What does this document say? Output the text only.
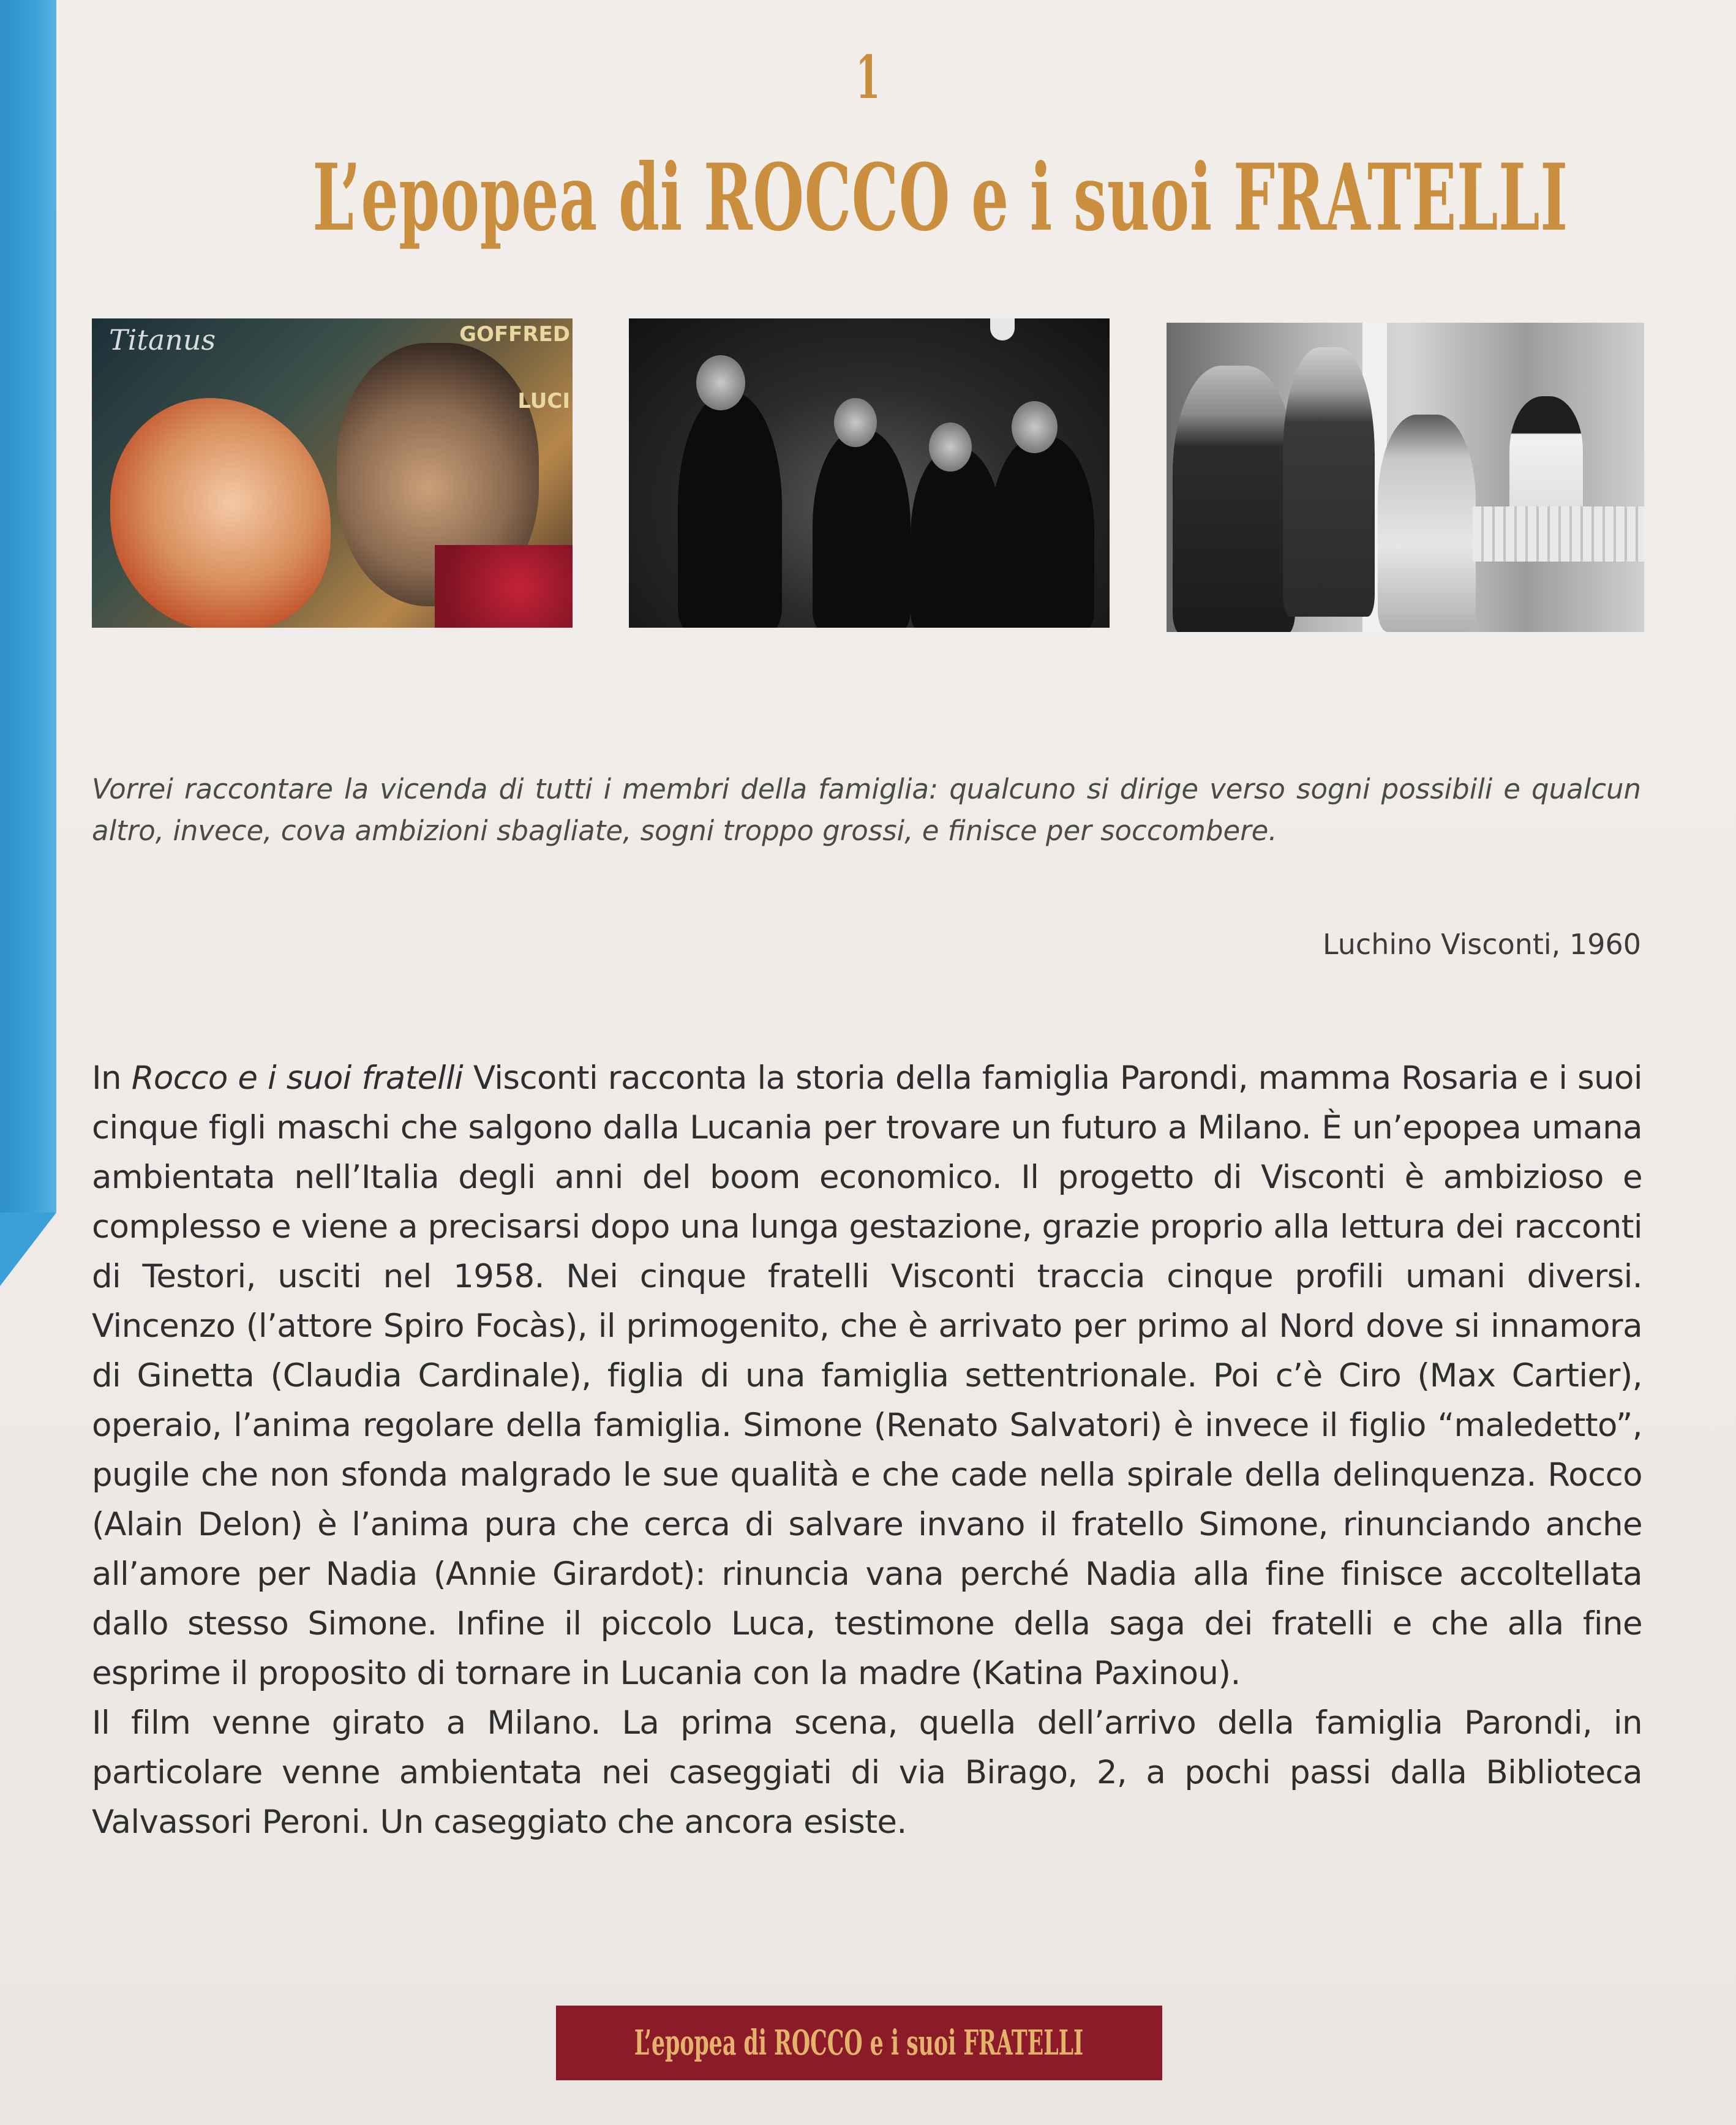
1
L’epopea di ROCCO e i suoi FRATELLI
Titanus	GOFFRED
LUCI
Vorrei raccontare la vicenda di tutti i membri della famiglia: qualcuno si dirige verso sogni possibili e qualcun altro, invece, cova ambizioni sbagliate, sogni troppo grossi, e finisce per soccombere.
Luchino Visconti, 1960

In Rocco e i suoi fratelli Visconti racconta la storia della famiglia Parondi, mamma Rosaria e i suoi cinque figli maschi che salgono dalla Lucania per trovare un futuro a Milano. È un’epopea umana ambientata nell’Italia degli anni del boom economico. Il progetto di Visconti è ambizioso e complesso e viene a precisarsi dopo una lunga gestazione, grazie proprio alla lettura dei racconti di Testori, usciti nel 1958. Nei cinque fratelli Visconti traccia cinque profili umani diversi. Vincenzo (l’attore Spiro Focàs), il primogenito, che è arrivato per primo al Nord dove si innamora di Ginetta (Claudia Cardinale), figlia di una famiglia settentrionale. Poi c’è Ciro (Max Cartier), operaio, l’anima regolare della famiglia. Simone (Renato Salvatori) è invece il figlio “maledetto”, pugile che non sfonda malgrado le sue qualità e che cade nella spirale della delinquenza. Rocco (Alain Delon) è l’anima pura che cerca di salvare invano il fratello Simone, rinunciando anche all’amore per Nadia (Annie Girardot): rinuncia vana perché Nadia alla fine finisce accoltellata dallo stesso Simone. Infine il piccolo Luca, testimone della saga dei fratelli e che alla fine esprime il proposito di tornare in Lucania con la madre (Katina Paxinou).

Il film venne girato a Milano. La prima scena, quella dell’arrivo della famiglia Parondi, in particolare venne ambientata nei caseggiati di via Birago, 2, a pochi passi dalla Biblioteca Valvassori Peroni. Un caseggiato che ancora esiste.

L’epopea di ROCCO e i suoi FRATELLI
